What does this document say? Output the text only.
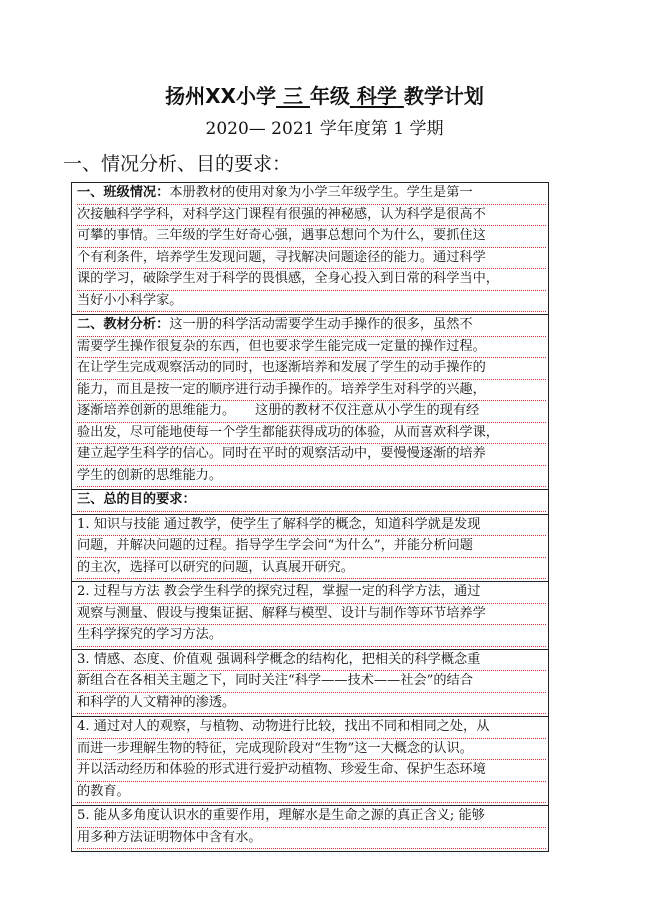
扬州XX小学 三 年级 科学 教学计划
2020— 2021 学年度第 1 学期
一、情况分析、目的要求：
一、班级情况：本册教材的使用对象为小学三年级学生。学生是第一
次接触科学学科，对科学这门课程有很强的神秘感，认为科学是很高不
可攀的事情。三年级的学生好奇心强，遇事总想问个为什么，要抓住这
个有利条件，培养学生发现问题，寻找解决问题途径的能力。通过科学
课的学习，破除学生对于科学的畏惧感，全身心投入到日常的科学当中，
当好小小科学家。

二、教材分析：这一册的科学活动需要学生动手操作的很多，虽然不
需要学生操作很复杂的东西，但也要求学生能完成一定量的操作过程。
在让学生完成观察活动的同时，也逐渐培养和发展了学生的动手操作的
能力，而且是按一定的顺序进行动手操作的。培养学生对科学的兴趣，
逐渐培养创新的思维能力。　　这册的教材不仅注意从小学生的现有经
验出发，尽可能地使每一个学生都能获得成功的体验，从而喜欢科学课，
建立起学生科学的信心。同时在平时的观察活动中，要慢慢逐渐的培养
学生的创新的思维能力。

三、总的目的要求：

1. 知识与技能 通过教学，使学生了解科学的概念，知道科学就是发现
问题，并解决问题的过程。指导学生学会问“为什么”，并能分析问题
的主次，选择可以研究的问题，认真展开研究。

2. 过程与方法 教会学生科学的探究过程，掌握一定的科学方法，通过
观察与测量、假设与搜集证据、解释与模型、设计与制作等环节培养学
生科学探究的学习方法。

3. 情感、态度、价值观 强调科学概念的结构化，把相关的科学概念重
新组合在各相关主题之下，同时关注“科学——技术——社会”的结合
和科学的人文精神的渗透。

4. 通过对人的观察，与植物、动物进行比较，找出不同和相同之处，从
而进一步理解生物的特征，完成现阶段对“生物”这一大概念的认识。
并以活动经历和体验的形式进行爱护动植物、珍爱生命、保护生态环境
的教育。

5. 能从多角度认识水的重要作用，理解水是生命之源的真正含义; 能够
用多种方法证明物体中含有水。
